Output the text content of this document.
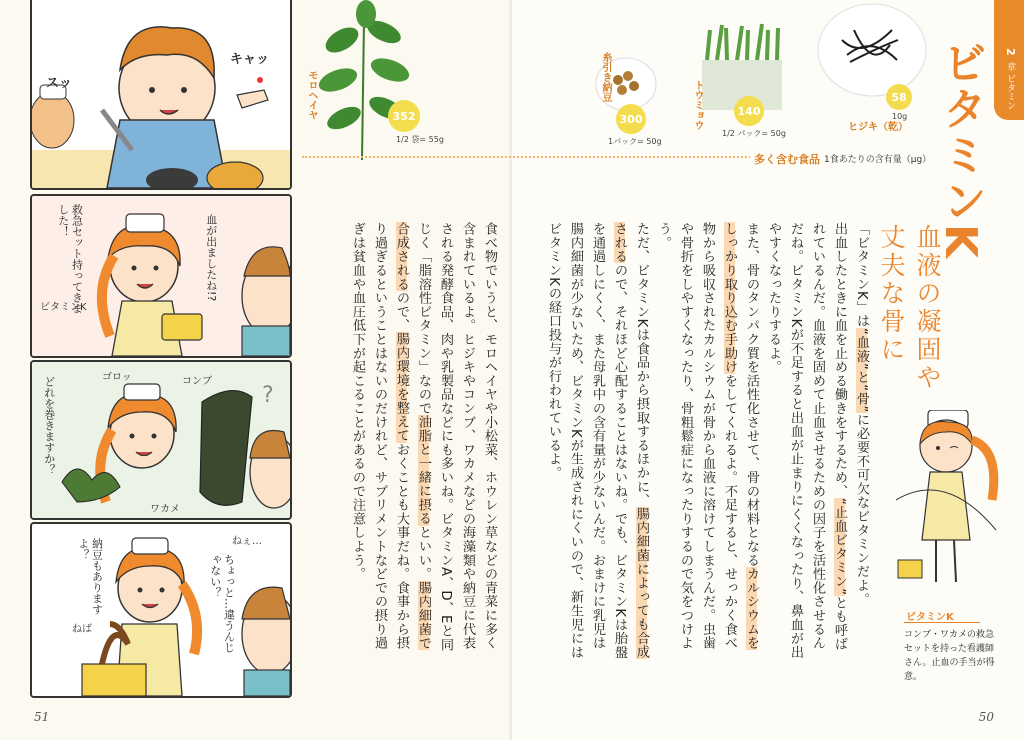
スッ
キャッ
救急セット持ってきました！	血が出ましたね!?
ビタミンK
?
ゴロッ	コンブ
どれを巻きますか？
ワカメ
納豆もありますよ？
ちょっと…違うんじゃない？
ねぇ…
ねば	食べ物でいうと、モロヘイヤや小松菜、ホウレン草などの青菜に多く含まれているよ。ヒジキやコンブ、ワカメなどの海藻類や納豆に代表される発酵食品、肉や乳製品などにも多いね。ビタミンA、D、Eと同じく「脂溶性ビタミン」なので油脂と一緒に摂るといい。腸内細菌で合成されるので、腸内環境を整えておくことも大事だね。食事から摂り過ぎるということはないのだけれど、サプリメントなどでの摂り過ぎは貧血や血圧低下が起こることがあるので注意しよう。
51
2
章 ビタミン
モロヘイヤ	352
1/2 袋= 55g
糸引き納豆
300
1パック= 50g
トウミョウ	140
1/2 パック= 50g
ヒジキ（乾）
58
10g
多く含む食品 1食あたりの含有量（μg） ビタミンK
血液の凝固や
丈夫な骨に
ビタミンK
コンブ・ワカメの救急セットを持った看護師さん。止血の手当が得意。
「ビタミンK」は“血液”と“骨”に必要不可欠なビタミンだよ。
出血したときに血を止める働きをするため、“止血ビタミン”とも呼ばれているんだ。血液を固めて止血させるための因子を活性化させるんだね。ビタミンKが不足すると出血が止まりにくくなったり、鼻血が出やすくなったりするよ。
また、骨のタンパク質を活性化させて、骨の材料となるカルシウムをしっかり取り込む手助けをしてくれるよ。不足すると、せっかく食べ物から吸収されたカルシウムが骨から血液に溶けてしまうんだ。虫歯や骨折をしやすくなったり、骨粗鬆症になったりするので気をつけよう。
ただ、ビタミンKは食品から摂取するほかに、腸内細菌によっても合成されるので、それほど心配することはないね。でも、ビタミンKは胎盤を通過しにくく、また母乳中の含有量が少ないんだ。おまけに乳児は腸内細菌が少ないため、ビタミンKが生成されにくいので、新生児にはビタミンKの経口投与が行われているよ。
50
